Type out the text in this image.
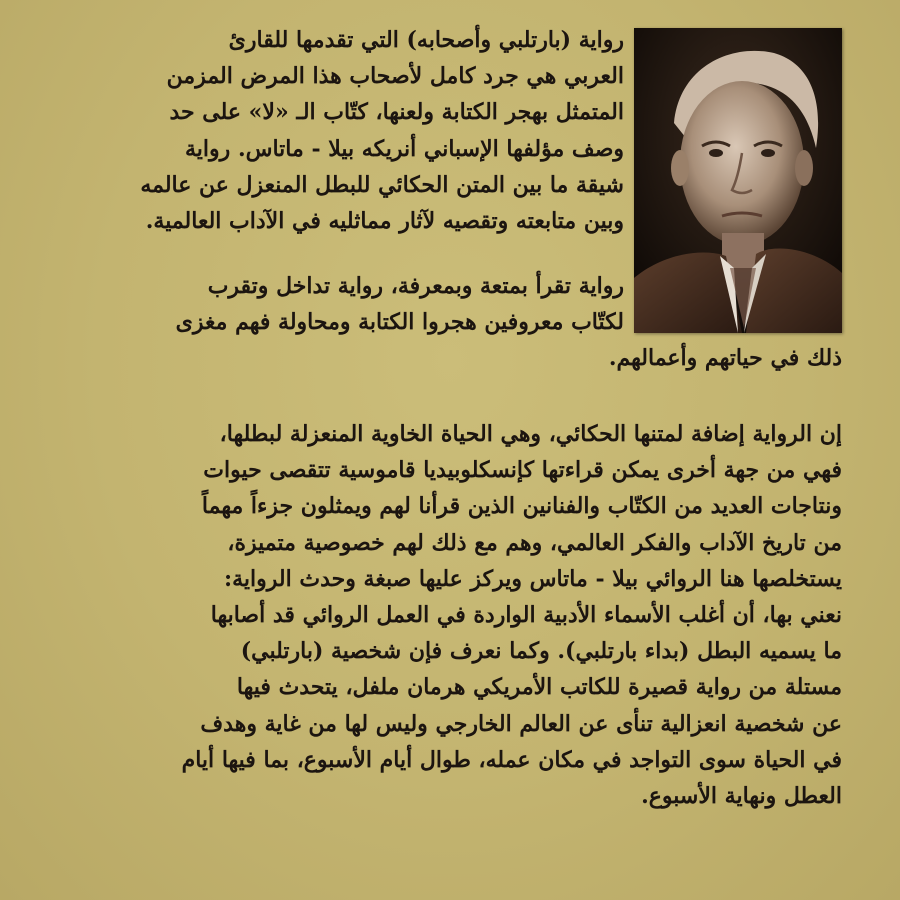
رواية (بارتلبي وأصحابه) التي تقدمها للقارئ
العربي هي جرد كامل لأصحاب هذا المرض المزمن
المتمثل بهجر الكتابة ولعنها، كتّاب الـ «لا» على حد
وصف مؤلفها الإسباني أنريكه بيلا - ماتاس. رواية
شيقة ما بين المتن الحكائي للبطل المنعزل عن عالمه
وبين متابعته وتقصيه لآثار مماثليه في الآداب العالمية.
رواية تقرأ بمتعة وبمعرفة، رواية تداخل وتقرب
لكتّاب معروفين هجروا الكتابة ومحاولة فهم مغزى
ذلك في حياتهم وأعمالهم.
إن الرواية إضافة لمتنها الحكائي، وهي الحياة الخاوية المنعزلة لبطلها،
فهي من جهة أخرى يمكن قراءتها كإنسكلوبيديا قاموسية تتقصى حيوات
ونتاجات العديد من الكتّاب والفنانين الذين قرأنا لهم ويمثلون جزءاً مهماً
من تاريخ الآداب والفكر العالمي، وهم مع ذلك لهم خصوصية متميزة،
يستخلصها هنا الروائي بيلا - ماتاس ويركز عليها صبغة وحدث الرواية:
نعني بها، أن أغلب الأسماء الأدبية الواردة في العمل الروائي قد أصابها
ما يسميه البطل (بداء بارتلبي). وكما نعرف فإن شخصية (بارتلبي)
مستلة من رواية قصيرة للكاتب الأمريكي هرمان ملفل، يتحدث فيها
عن شخصية انعزالية تنأى عن العالم الخارجي وليس لها من غاية وهدف
في الحياة سوى التواجد في مكان عمله، طوال أيام الأسبوع، بما فيها أيام
العطل ونهاية الأسبوع.
